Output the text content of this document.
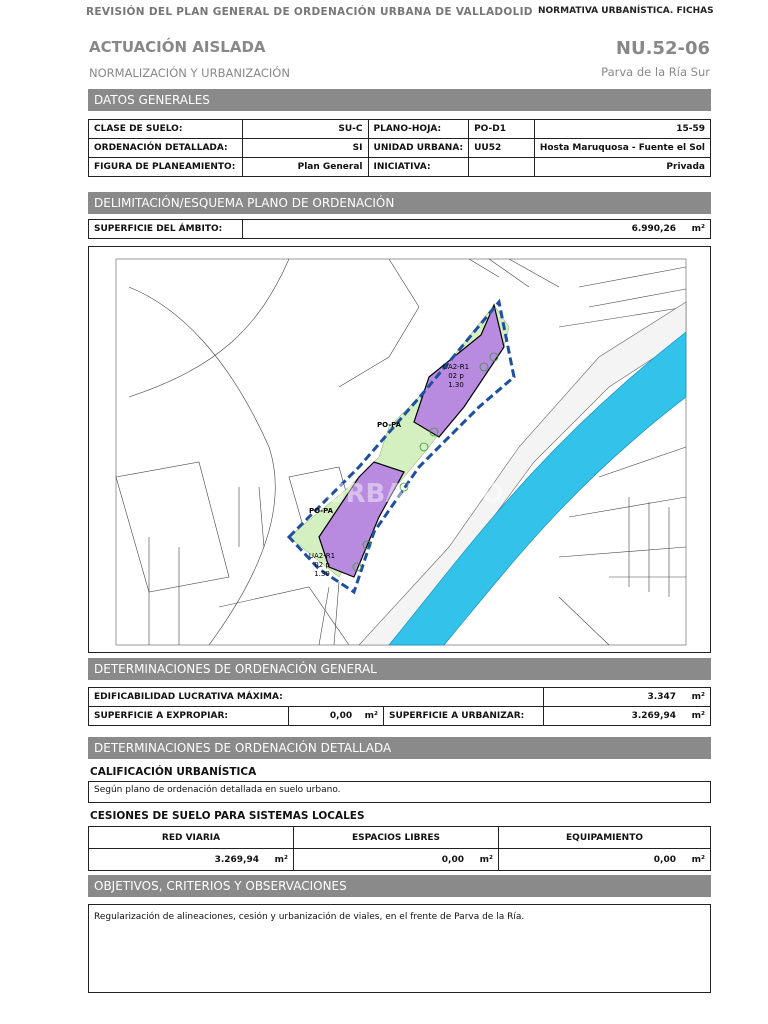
REVISIÓN DEL PLAN GENERAL DE ORDENACIÓN URBANA DE VALLADOLID NORMATIVA URBANÍSTICA. FICHAS
ACTUACIÓN AISLADA
NORMALIZACIÓN Y URBANIZACIÓN
NU.52-06
Parva de la Ría Sur
DATOS GENERALES
CLASE DE SUELO:	SU-C	PLANO-HOJA:	PO-D1	15-59
ORDENACIÓN DETALLADA:	SI	UNIDAD URBANA:	UU52	Hosta Maruquosa - Fuente el Sol
FIGURA DE PLANEAMIENTO:	Plan General	INICIATIVA:		Privada
DELIMITACIÓN/ESQUEMA PLANO DE ORDENACIÓN
SUPERFICIE DEL ÁMBITO:	6.990,26 m²
UA2-R1
02 p
1.30
PO-PA
PO-PA
UA2-R1
02 p
1.30
URBANISMO
DETERMINACIONES DE ORDENACIÓN GENERAL
EDIFICABILIDAD LUCRATIVA MÁXIMA:			3.347 m²
SUPERFICIE A EXPROPIAR:	0,00 m²	SUPERFICIE A URBANIZAR:	3.269,94 m²
DETERMINACIONES DE ORDENACIÓN DETALLADA
CALIFICACIÓN URBANÍSTICA
Según plano de ordenación detallada en suelo urbano.
CESIONES DE SUELO PARA SISTEMAS LOCALES
RED VIARIA	ESPACIOS LIBRES	EQUIPAMIENTO
3.269,94 m²	0,00 m²	0,00 m²
OBJETIVOS, CRITERIOS Y OBSERVACIONES
Regularización de alineaciones, cesión y urbanización de viales, en el frente de Parva de la Ría.
